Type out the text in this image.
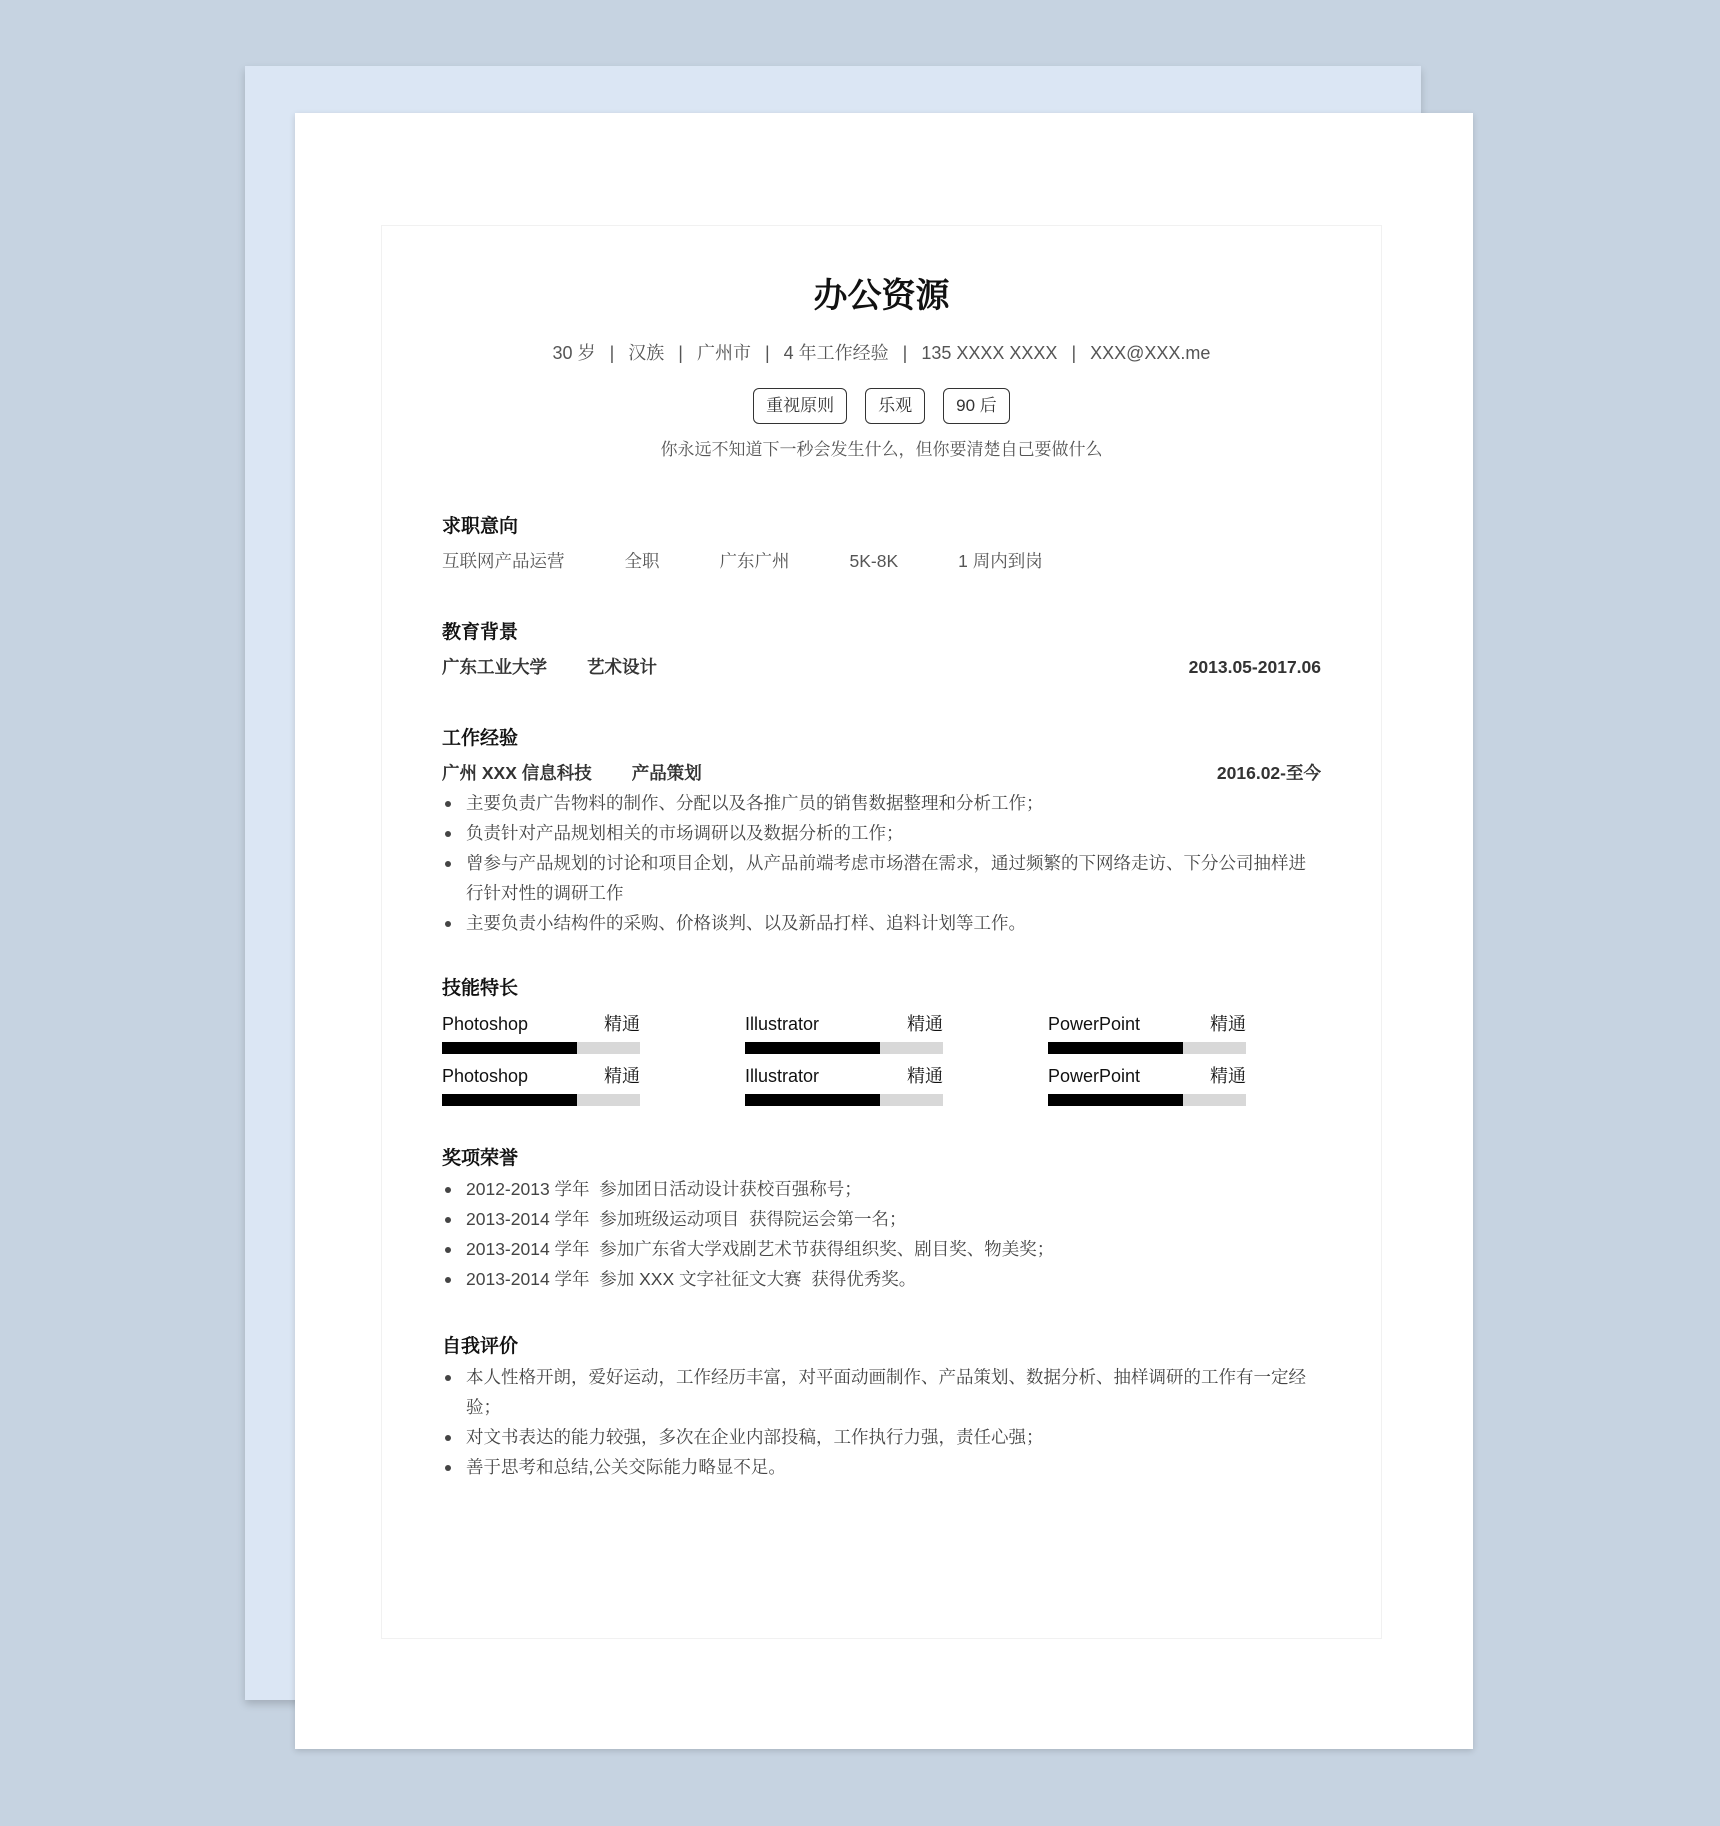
办公资源
30 岁 | 汉族 | 广州市 | 4 年工作经验 | 135 XXXX XXXX | XXX@XXX.me
重视原则	乐观	90 后
你永远不知道下一秒会发生什么，但你要清楚自己要做什么
求职意向
互联网产品运营	全职	广东广州	5K-8K	1 周内到岗
教育背景
广东工业大学 艺术设计	2013.05-2017.06
工作经验
广州 XXX 信息科技 产品策划	2016.02-至今
主要负责广告物料的制作、分配以及各推广员的销售数据整理和分析工作；
负责针对产品规划相关的市场调研以及数据分析的工作；
曾参与产品规划的讨论和项目企划，从产品前端考虑市场潜在需求，通过频繁的下网络走访、下分公司抽样进行针对性的调研工作
主要负责小结构件的采购、价格谈判、以及新品打样、追料计划等工作。
技能特长
Photoshop	精通	Illustrator	精通	PowerPoint	精通
Photoshop	精通	Illustrator	精通	PowerPoint	精通
奖项荣誉
2012-2013 学年  参加团日活动设计获校百强称号；
2013-2014 学年  参加班级运动项目  获得院运会第一名；
2013-2014 学年  参加广东省大学戏剧艺术节获得组织奖、剧目奖、物美奖；
2013-2014 学年  参加 XXX 文字社征文大赛  获得优秀奖。
自我评价
本人性格开朗，爱好运动，工作经历丰富，对平面动画制作、产品策划、数据分析、抽样调研的工作有一定经验；
对文书表达的能力较强，多次在企业内部投稿，工作执行力强，责任心强；
善于思考和总结,公关交际能力略显不足。
